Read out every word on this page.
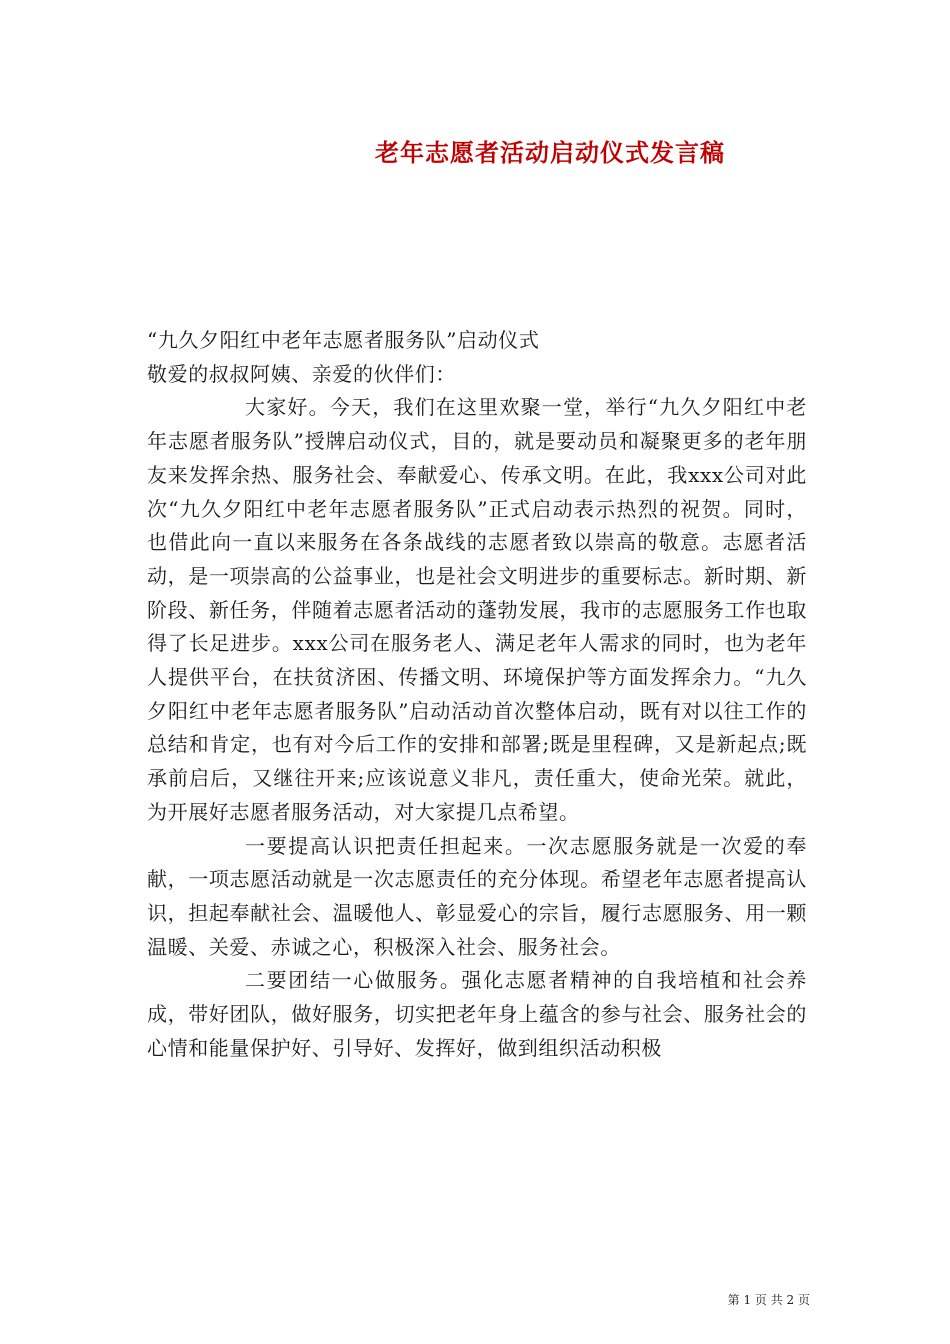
老年志愿者活动启动仪式发言稿

“九久夕阳红中老年志愿者服务队”启动仪式

敬爱的叔叔阿姨、亲爱的伙伴们：

大家好。今天，我们在这里欢聚一堂，举行“九久夕阳红中老年志愿者服务队”授牌启动仪式，目的，就是要动员和凝聚更多的老年朋友来发挥余热、服务社会、奉献爱心、传承文明。在此，我xxx公司对此次“九久夕阳红中老年志愿者服务队”正式启动表示热烈的祝贺。同时，也借此向一直以来服务在各条战线的志愿者致以崇高的敬意。志愿者活动，是一项崇高的公益事业，也是社会文明进步的重要标志。新时期、新阶段、新任务，伴随着志愿者活动的蓬勃发展，我市的志愿服务工作也取得了长足进步。xxx公司在服务老人、满足老年人需求的同时，也为老年人提供平台，在扶贫济困、传播文明、环境保护等方面发挥余力。“九久夕阳红中老年志愿者服务队”启动活动首次整体启动，既有对以往工作的总结和肯定，也有对今后工作的安排和部署;既是里程碑，又是新起点;既承前启后，又继往开来;应该说意义非凡，责任重大，使命光荣。就此，为开展好志愿者服务活动，对大家提几点希望。

一要提高认识把责任担起来。一次志愿服务就是一次爱的奉献，一项志愿活动就是一次志愿责任的充分体现。希望老年志愿者提高认识，担起奉献社会、温暖他人、彰显爱心的宗旨，履行志愿服务、用一颗温暖、关爱、赤诚之心，积极深入社会、服务社会。

二要团结一心做服务。强化志愿者精神的自我培植和社会养成，带好团队，做好服务，切实把老年身上蕴含的参与社会、服务社会的心情和能量保护好、引导好、发挥好，做到组织活动积极

第 1 页 共 2 页
